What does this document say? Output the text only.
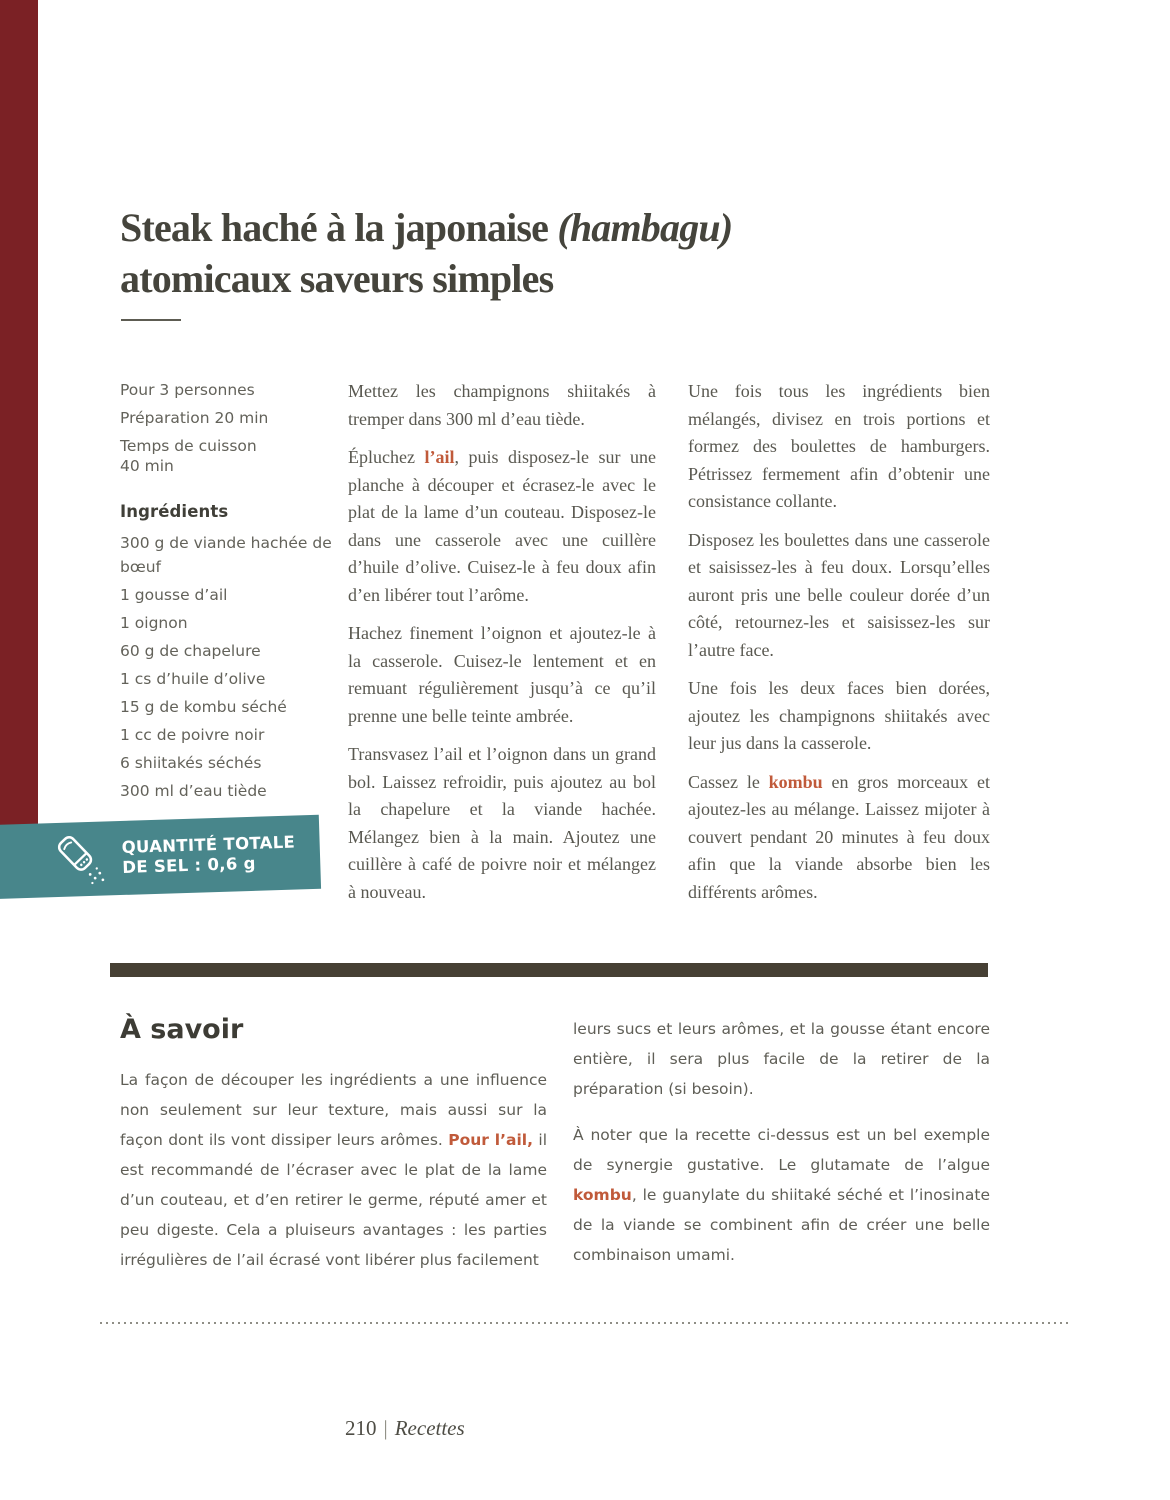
Steak haché à la japonaise (hambagu)
atomicaux saveurs simples
Pour 3 personnes
Préparation 20 min
Temps de cuisson
40 min
Ingrédients
300 g de viande hachée de bœuf
1 gousse d’ail
1 oignon
60 g de chapelure
1 cs d’huile d’olive
15 g de kombu séché
1 cc de poivre noir
6 shiitakés séchés
300 ml d’eau tiède

Mettez les champignons shiitakés à tremper dans 300 ml d’eau tiède.

Épluchez l’ail, puis disposez-le sur une planche à découper et écrasez-le avec le plat de la lame d’un couteau. Disposez-le dans une casserole avec une cuillère d’huile d’olive. Cuisez-le à feu doux afin d’en libérer tout l’arôme.

Hachez finement l’oignon et ajoutez-le à la casserole. Cuisez-le lentement et en remuant régulièrement jusqu’à ce qu’il prenne une belle teinte ambrée.

Transvasez l’ail et l’oignon dans un grand bol. Laissez refroidir, puis ajoutez au bol la chapelure et la viande hachée. Mélangez bien à la main. Ajoutez une cuillère à café de poivre noir et mélangez à nouveau.

Une fois tous les ingrédients bien mélangés, divisez en trois portions et formez des boulettes de hamburgers. Pétrissez fermement afin d’obtenir une consistance collante.

Disposez les boulettes dans une casserole et saisissez-les à feu doux. Lorsqu’elles auront pris une belle couleur dorée d’un côté, retournez-les et saisissez-les sur l’autre face.

Une fois les deux faces bien dorées, ajoutez les champignons shiitakés avec leur jus dans la casserole.

Cassez le kombu en gros morceaux et ajoutez-les au mélange. Laissez mijoter à couvert pendant 20 minutes à feu doux afin que la viande absorbe bien les différents arômes.

QUANTITÉ TOTALE
DE SEL : 0,6 g
À savoir

La façon de découper les ingrédients a une influence non seulement sur leur texture, mais aussi sur la façon dont ils vont dissiper leurs arômes. Pour l’ail, il est recommandé de l’écraser avec le plat de la lame d’un couteau, et d’en retirer le germe, réputé amer et peu digeste. Cela a pluiseurs avantages : les parties irrégulières de l’ail écrasé vont libérer plus facilement

leurs sucs et leurs arômes, et la gousse étant encore entière, il sera plus facile de la retirer de la préparation (si besoin).

À noter que la recette ci-dessus est un bel exemple de synergie gustative. Le glutamate de l’algue kombu, le guanylate du shiitaké séché et l’inosinate de la viande se combinent afin de créer une belle combinaison umami.

210 | Recettes
